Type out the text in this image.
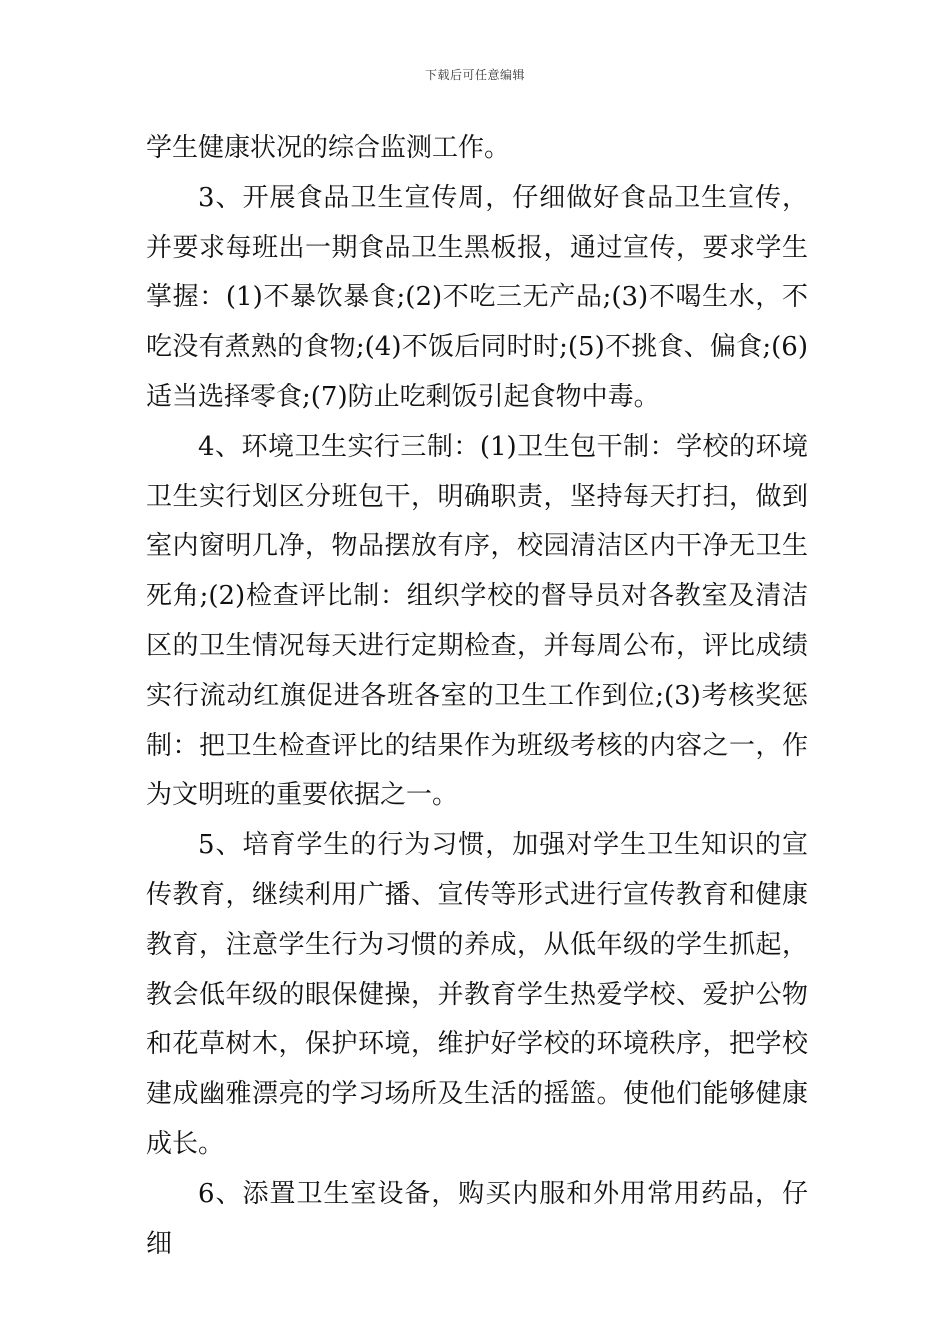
下载后可任意编辑

学生健康状况的综合监测工作。

3、开展食品卫生宣传周，仔细做好食品卫生宣传，并要求每班出一期食品卫生黑板报，通过宣传，要求学生掌握：(1)不暴饮暴食;(2)不吃三无产品;(3)不喝生水，不吃没有煮熟的食物;(4)不饭后同时时;(5)不挑食、偏食;(6)适当选择零食;(7)防止吃剩饭引起食物中毒。

4、环境卫生实行三制：(1)卫生包干制：学校的环境卫生实行划区分班包干，明确职责，坚持每天打扫，做到室内窗明几净，物品摆放有序，校园清洁区内干净无卫生死角;(2)检查评比制：组织学校的督导员对各教室及清洁区的卫生情况每天进行定期检查，并每周公布，评比成绩实行流动红旗促进各班各室的卫生工作到位;(3)考核奖惩制：把卫生检查评比的结果作为班级考核的内容之一，作为文明班的重要依据之一。

5、培育学生的行为习惯，加强对学生卫生知识的宣传教育，继续利用广播、宣传等形式进行宣传教育和健康教育，注意学生行为习惯的养成，从低年级的学生抓起，教会低年级的眼保健操，并教育学生热爱学校、爱护公物和花草树木，保护环境，维护好学校的环境秩序，把学校建成幽雅漂亮的学习场所及生活的摇篮。使他们能够健康成长。

6、添置卫生室设备，购买内服和外用常用药品，仔细
